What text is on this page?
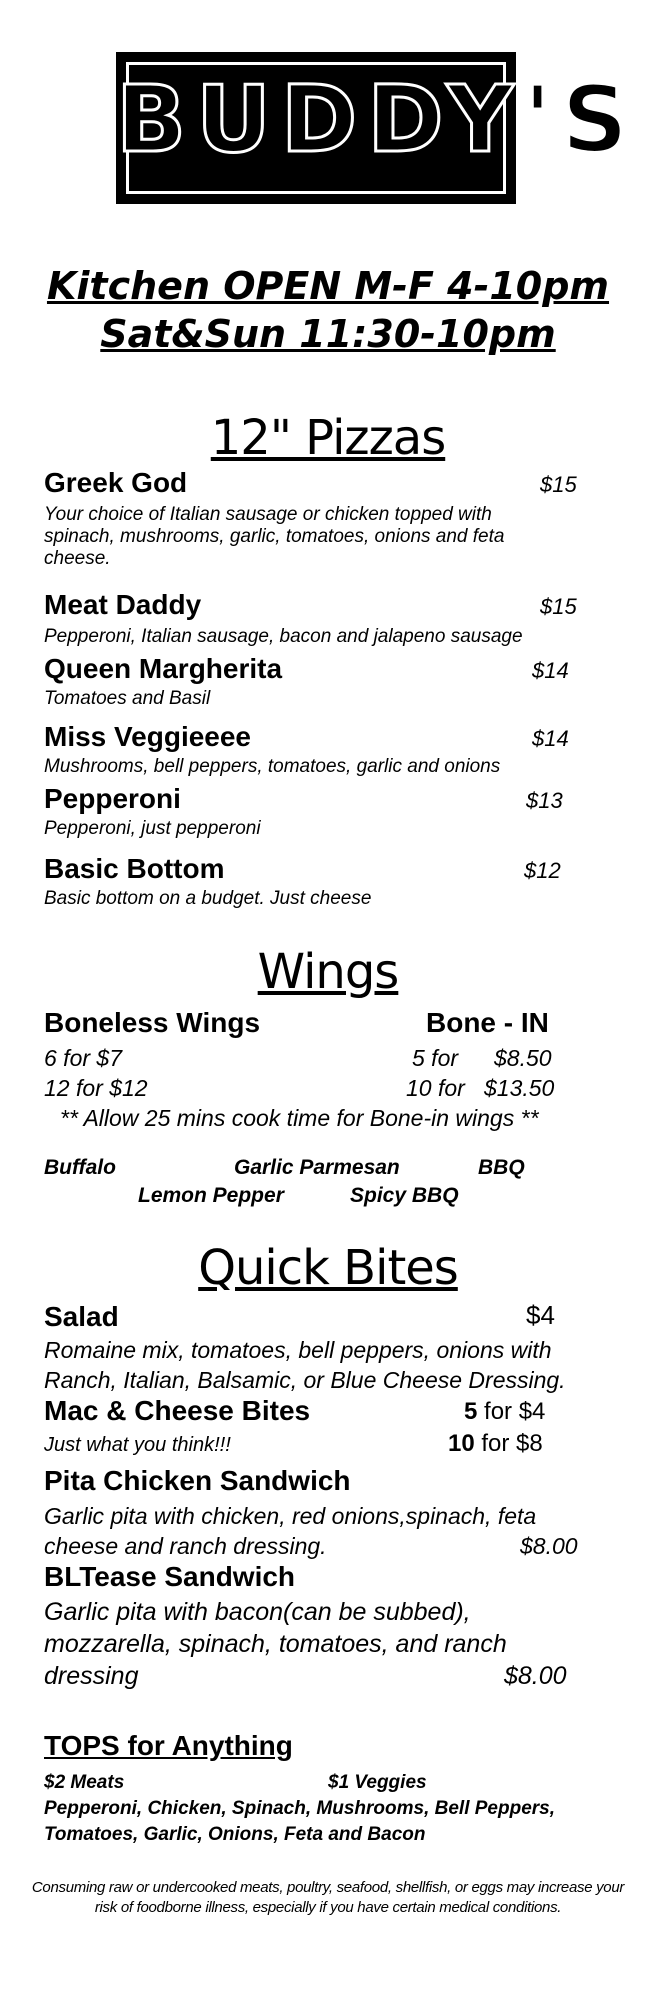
BUDDY'S
Kitchen OPEN M-F 4-10pm
Sat&Sun 11:30-10pm
12" Pizzas
Greek God	$15
Your choice of Italian sausage or chicken topped with spinach, mushrooms, garlic, tomatoes, onions and feta cheese.
Meat Daddy	$15
Pepperoni, Italian sausage, bacon and jalapeno sausage
Queen Margherita	$14
Tomatoes and Basil
Miss Veggieeee	$14
Mushrooms, bell peppers, tomatoes, garlic and onions
Pepperoni	$13
Pepperoni, just pepperoni
Basic Bottom	$12
Basic bottom on a budget. Just cheese
Wings
Boneless Wings	Bone - IN
6 for $7	5 for $8.50
12 for $12	10 for $13.50
** Allow 25 mins cook time for Bone-in wings **
Buffalo	Garlic Parmesan	BBQ
Lemon Pepper	Spicy BBQ
Quick Bites
Salad	$4
Romaine mix, tomatoes, bell peppers, onions with
Ranch, Italian, Balsamic, or Blue Cheese Dressing.
Mac & Cheese Bites	5 for $4
Just what you think!!!	10 for $8
Pita Chicken Sandwich
Garlic pita with chicken, red onions,spinach, feta
cheese and ranch dressing.	$8.00
BLTease Sandwich
Garlic pita with bacon(can be subbed),
mozzarella, spinach, tomatoes, and ranch
dressing	$8.00
TOPS for Anything
$2 Meats	$1 Veggies
Pepperoni, Chicken, Spinach, Mushrooms, Bell Peppers,
Tomatoes, Garlic, Onions, Feta and Bacon
Consuming raw or undercooked meats, poultry, seafood, shellfish, or eggs may increase your
risk of foodborne illness, especially if you have certain medical conditions.
